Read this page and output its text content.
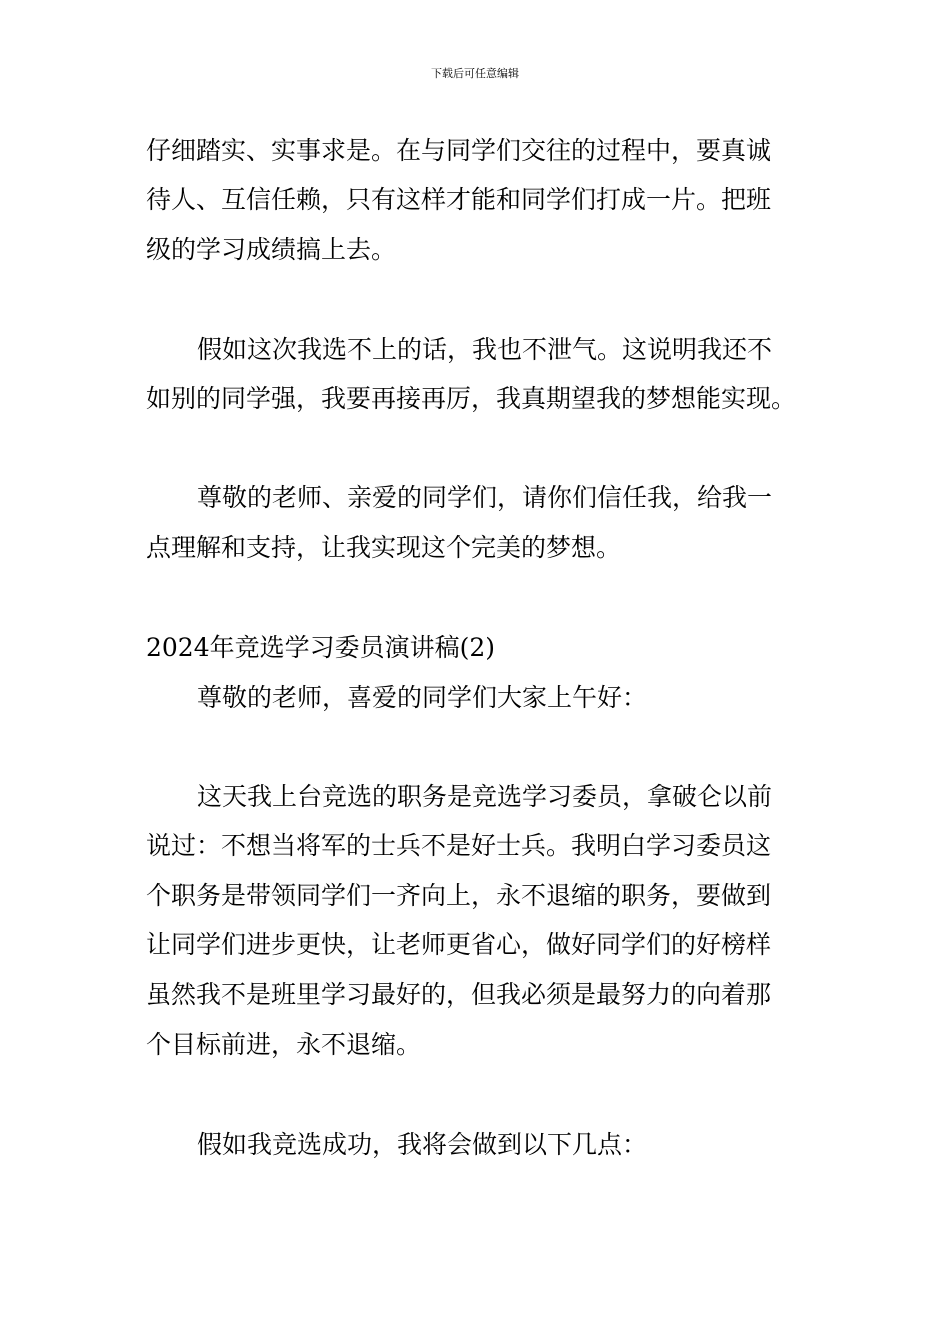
下载后可任意编辑
仔细踏实、实事求是。在与同学们交往的过程中，要真诚
待人、互信任赖，只有这样才能和同学们打成一片。把班
级的学习成绩搞上去。
假如这次我选不上的话，我也不泄气。这说明我还不
如别的同学强，我要再接再厉，我真期望我的梦想能实现。
尊敬的老师、亲爱的同学们，请你们信任我，给我一
点理解和支持，让我实现这个完美的梦想。
2024年竞选学习委员演讲稿(2)
尊敬的老师，喜爱的同学们大家上午好：
这天我上台竞选的职务是竞选学习委员，拿破仑以前
说过：不想当将军的士兵不是好士兵。我明白学习委员这
个职务是带领同学们一齐向上，永不退缩的职务，要做到
让同学们进步更快，让老师更省心，做好同学们的好榜样
虽然我不是班里学习最好的，但我必须是最努力的向着那
个目标前进，永不退缩。
假如我竞选成功，我将会做到以下几点：
